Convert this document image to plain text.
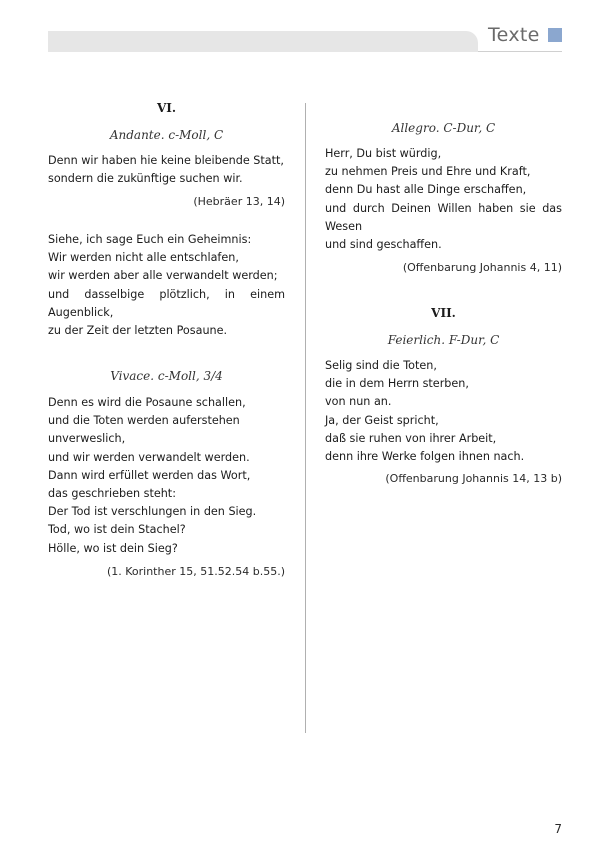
Texte
VI.
Andante. c-Moll, C
Denn wir haben hie keine bleibende Statt,
sondern die zukünftige suchen wir.
(Hebräer 13, 14)
Siehe, ich sage Euch ein Geheimnis:
Wir werden nicht alle entschlafen,
wir werden aber alle verwandelt werden;
und dasselbige plötzlich, in einem
Augenblick,
zu der Zeit der letzten Posaune.
Vivace. c-Moll, 3/4
Denn es wird die Posaune schallen,
und die Toten werden auferstehen
unverweslich,
und wir werden verwandelt werden.
Dann wird erfüllet werden das Wort,
das geschrieben steht:
Der Tod ist verschlungen in den Sieg.
Tod, wo ist dein Stachel?
Hölle, wo ist dein Sieg?
(1. Korinther 15, 51.52.54 b.55.)
Allegro. C-Dur, C
Herr, Du bist würdig,
zu nehmen Preis und Ehre und Kraft,
denn Du hast alle Dinge erschaffen,
und durch Deinen Willen haben sie das
Wesen
und sind geschaffen.
(Offenbarung Johannis 4, 11)
VII.
Feierlich. F-Dur, C
Selig sind die Toten,
die in dem Herrn sterben,
von nun an.
Ja, der Geist spricht,
daß sie ruhen von ihrer Arbeit,
denn ihre Werke folgen ihnen nach.
(Offenbarung Johannis 14, 13 b)
7
